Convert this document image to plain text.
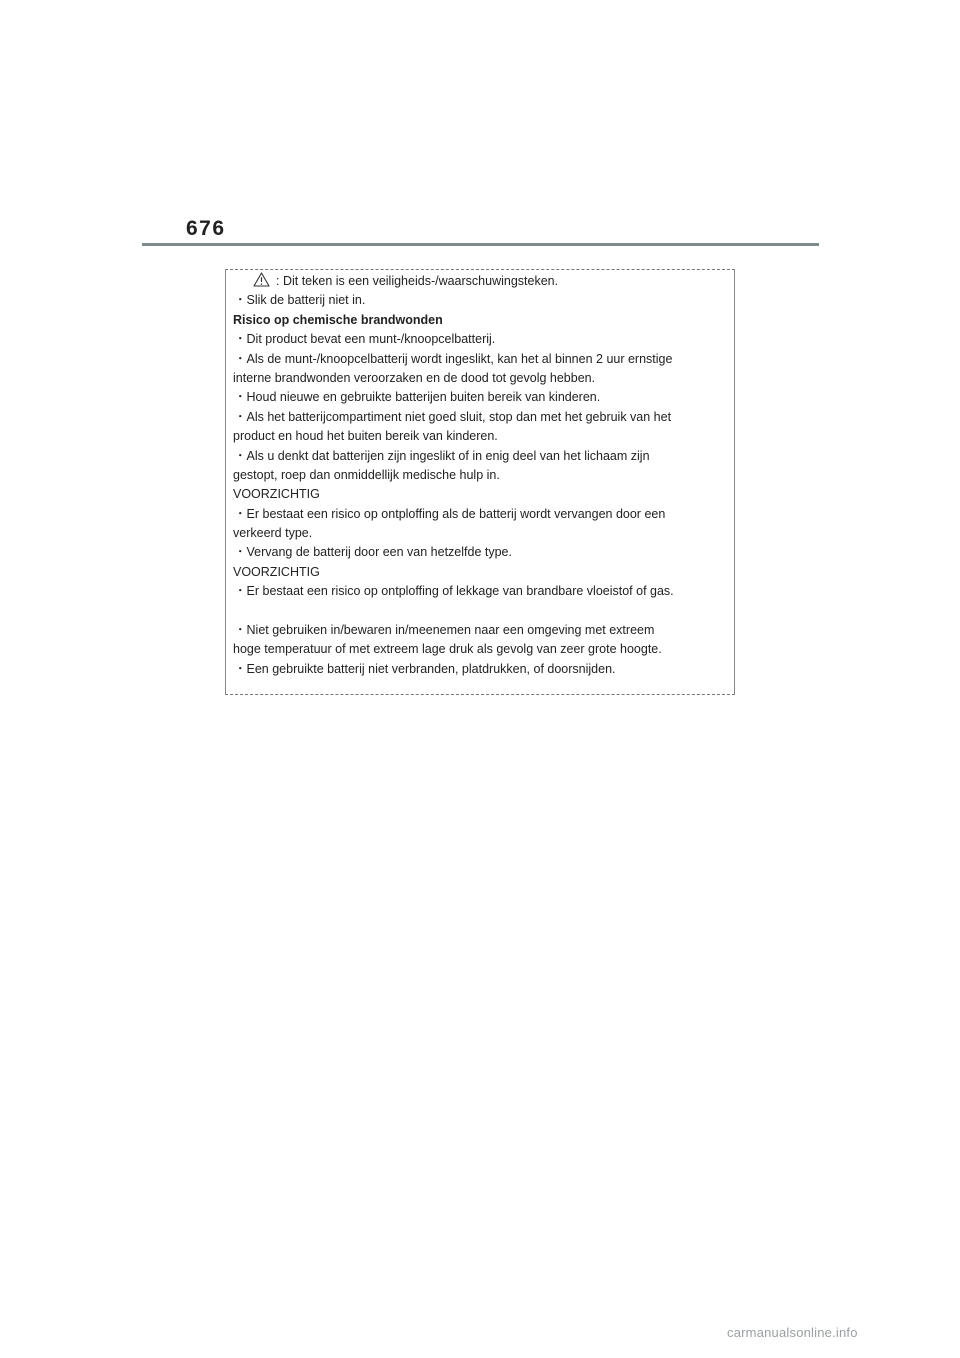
676
: Dit teken is een veiligheids-/waarschuwingsteken.
・Slik de batterij niet in.
Risico op chemische brandwonden
・Dit product bevat een munt-/knoopcelbatterij.
・Als de munt-/knoopcelbatterij wordt ingeslikt, kan het al binnen 2 uur ernstige
interne brandwonden veroorzaken en de dood tot gevolg hebben.
・Houd nieuwe en gebruikte batterijen buiten bereik van kinderen.
・Als het batterijcompartiment niet goed sluit, stop dan met het gebruik van het
product en houd het buiten bereik van kinderen.
・Als u denkt dat batterijen zijn ingeslikt of in enig deel van het lichaam zijn
gestopt, roep dan onmiddellijk medische hulp in.
VOORZICHTIG
・Er bestaat een risico op ontploffing als de batterij wordt vervangen door een
verkeerd type.
・Vervang de batterij door een van hetzelfde type.
VOORZICHTIG
・Er bestaat een risico op ontploffing of lekkage van brandbare vloeistof of gas.
・Niet gebruiken in/bewaren in/meenemen naar een omgeving met extreem
hoge temperatuur of met extreem lage druk als gevolg van zeer grote hoogte.
・Een gebruikte batterij niet verbranden, platdrukken, of doorsnijden.
carmanualsonline.info
